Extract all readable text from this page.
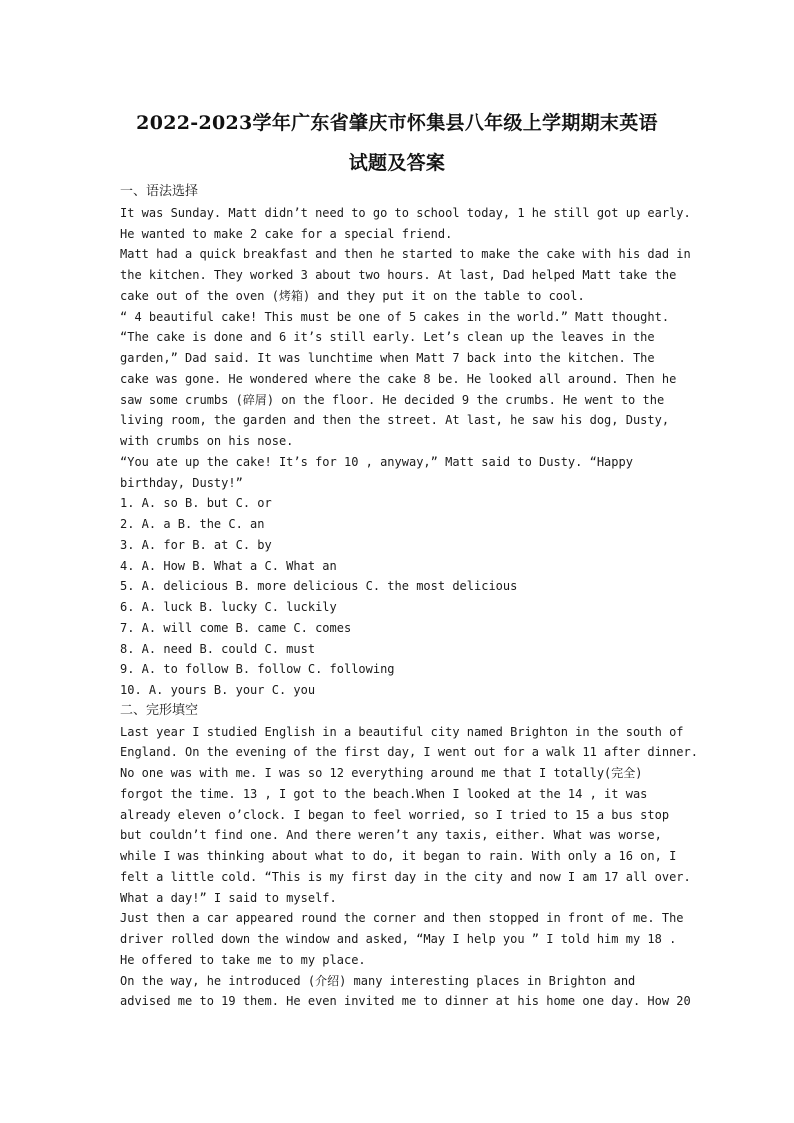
2022-2023学年广东省肇庆市怀集县八年级上学期期末英语
试题及答案
一、语法选择
It was Sunday. Matt didn’t need to go to school today, 1 he still got up early.
He wanted to make 2 cake for a special friend.
Matt had a quick breakfast and then he started to make the cake with his dad in
the kitchen. They worked 3 about two hours. At last, Dad helped Matt take the
cake out of the oven (烤箱) and they put it on the table to cool.
“ 4 beautiful cake! This must be one of 5 cakes in the world.” Matt thought.
“The cake is done and 6 it’s still early. Let’s clean up the leaves in the
garden,” Dad said. It was lunchtime when Matt 7 back into the kitchen. The
cake was gone. He wondered where the cake 8 be. He looked all around. Then he
saw some crumbs (碎屑) on the floor. He decided 9 the crumbs. He went to the
living room, the garden and then the street. At last, he saw his dog, Dusty,
with crumbs on his nose.
“You ate up the cake! It’s for 10 , anyway,” Matt said to Dusty. “Happy
birthday, Dusty!”
1. A. so B. but C. or
2. A. a B. the C. an
3. A. for B. at C. by
4. A. How B. What a C. What an
5. A. delicious B. more delicious C. the most delicious
6. A. luck B. lucky C. luckily
7. A. will come B. came C. comes
8. A. need B. could C. must
9. A. to follow B. follow C. following
10. A. yours B. your C. you
二、完形填空
Last year I studied English in a beautiful city named Brighton in the south of
England. On the evening of the first day, I went out for a walk 11 after dinner.
No one was with me. I was so 12 everything around me that I totally(完全)
forgot the time. 13 , I got to the beach.When I looked at the 14 , it was
already eleven o’clock. I began to feel worried, so I tried to 15 a bus stop
but couldn’t find one. And there weren’t any taxis, either. What was worse,
while I was thinking about what to do, it began to rain. With only a 16 on, I
felt a little cold. “This is my first day in the city and now I am 17 all over.
What a day!” I said to myself.
Just then a car appeared round the corner and then stopped in front of me. The
driver rolled down the window and asked, “May I help you ” I told him my 18 .
He offered to take me to my place.
On the way, he introduced (介绍) many interesting places in Brighton and
advised me to 19 them. He even invited me to dinner at his home one day. How 20
